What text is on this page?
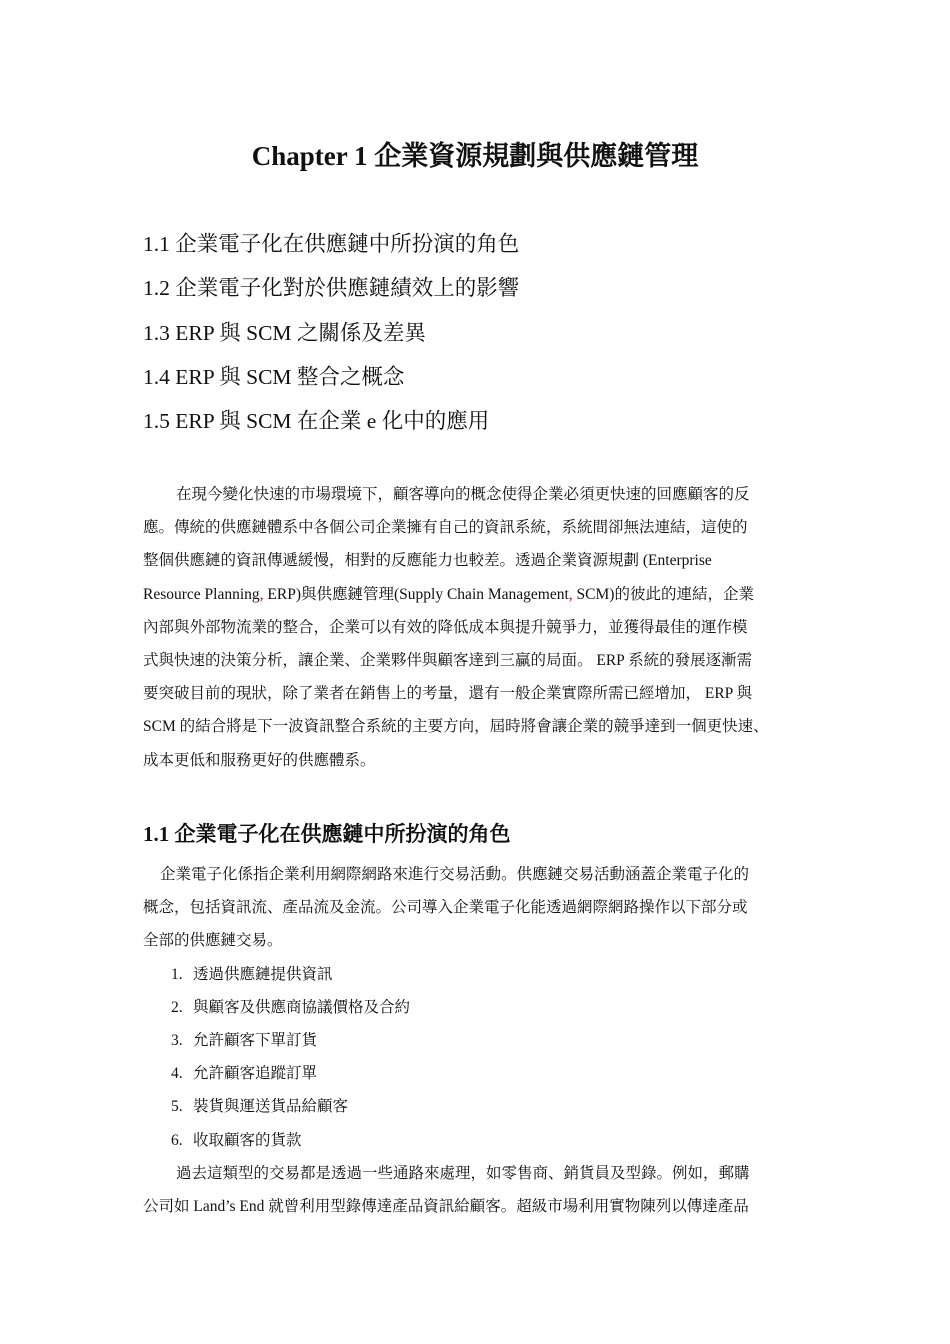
Chapter 1 企業資源規劃與供應鏈管理
1.1 企業電子化在供應鏈中所扮演的角色
1.2 企業電子化對於供應鏈績效上的影響
1.3 ERP 與 SCM 之關係及差異
1.4 ERP 與 SCM 整合之概念
1.5 ERP 與 SCM 在企業 e 化中的應用
在現今變化快速的市場環境下，顧客導向的概念使得企業必須更快速的回應顧客的反
應。傳統的供應鏈體系中各個公司企業擁有自己的資訊系統，系統間卻無法連結，這使的
整個供應鏈的資訊傳遞緩慢，相對的反應能力也較差。透過企業資源規劃 (Enterprise
Resource Planning, ERP)與供應鏈管理(Supply Chain Management, SCM)的彼此的連結，企業
內部與外部物流業的整合，企業可以有效的降低成本與提升競爭力，並獲得最佳的運作模
式與快速的決策分析，讓企業、企業夥伴與顧客達到三贏的局面。 ERP 系統的發展逐漸需
要突破目前的現狀，除了業者在銷售上的考量，還有一般企業實際所需已經增加， ERP 與
SCM 的結合將是下一波資訊整合系統的主要方向，屆時將會讓企業的競爭達到一個更快速、
成本更低和服務更好的供應體系。
1.1 企業電子化在供應鏈中所扮演的角色
企業電子化係指企業利用網際網路來進行交易活動。供應鏈交易活動涵蓋企業電子化的
概念，包括資訊流、產品流及金流。公司導入企業電子化能透過網際網路操作以下部分或
全部的供應鏈交易。
1. 透過供應鏈提供資訊
2. 與顧客及供應商協議價格及合約
3. 允許顧客下單訂貨
4. 允許顧客追蹤訂單
5. 裝貨與運送貨品給顧客
6. 收取顧客的貨款
過去這類型的交易都是透過一些通路來處理，如零售商、銷貨員及型錄。例如，郵購
公司如 Land’s End 就曾利用型錄傳達產品資訊給顧客。超級市場利用實物陳列以傳達產品
